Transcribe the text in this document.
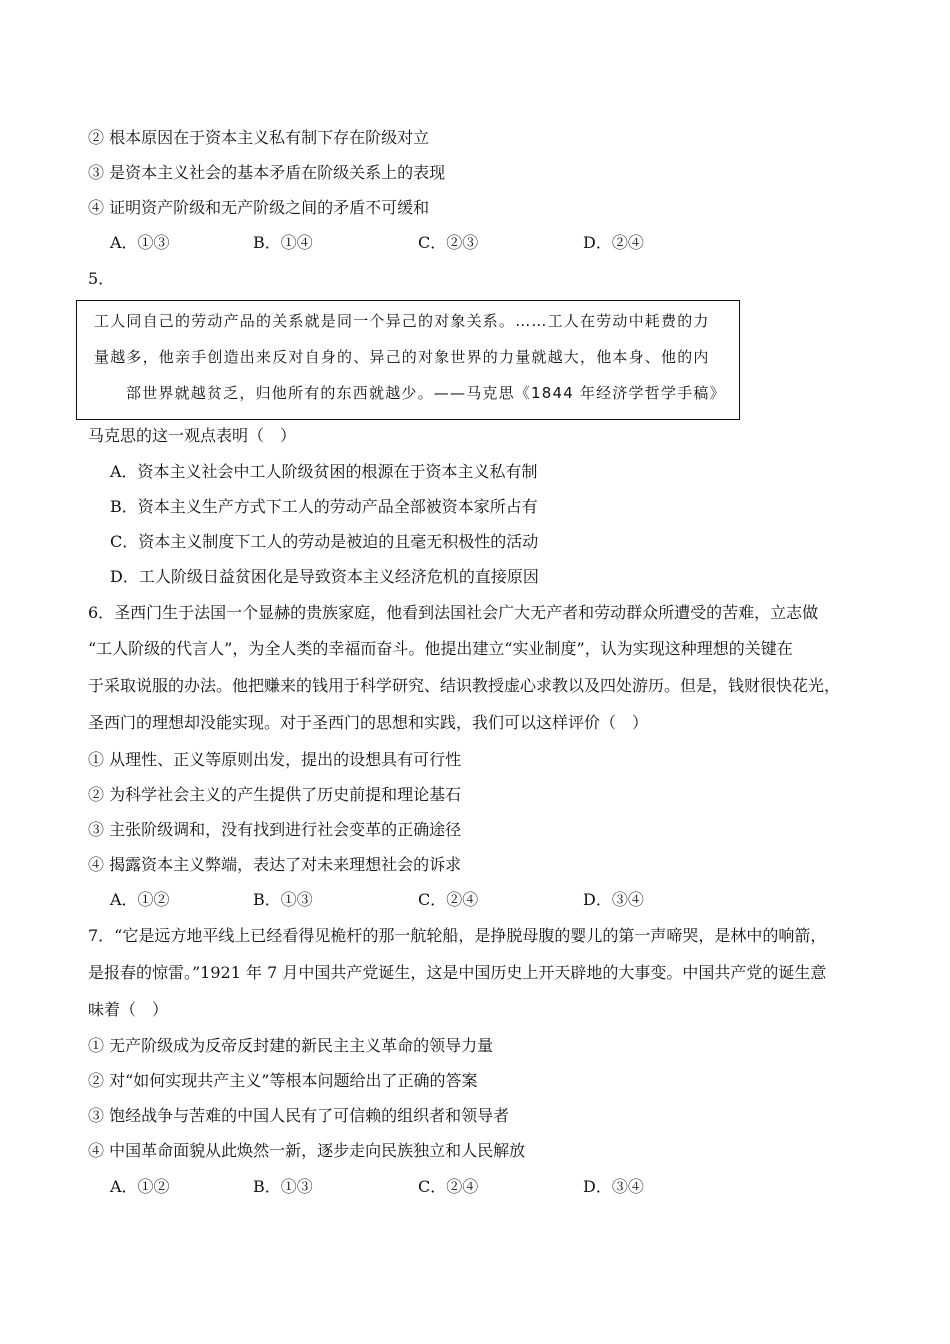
② 根本原因在于资本主义私有制下存在阶级对立
③ 是资本主义社会的基本矛盾在阶级关系上的表现
④ 证明资产阶级和无产阶级之间的矛盾不可缓和
A．①③	B．①④	C．②③	D．②④
5．
工人同自己的劳动产品的关系就是同一个异己的对象关系。……工人在劳动中耗费的力
量越多，他亲手创造出来反对自身的、异己的对象世界的力量就越大，他本身、他的内
部世界就越贫乏，归他所有的东西就越少。——马克思《1844 年经济学哲学手稿》
马克思的这一观点表明（　）
A．资本主义社会中工人阶级贫困的根源在于资本主义私有制
B．资本主义生产方式下工人的劳动产品全部被资本家所占有
C．资本主义制度下工人的劳动是被迫的且毫无积极性的活动
D．工人阶级日益贫困化是导致资本主义经济危机的直接原因
6．圣西门生于法国一个显赫的贵族家庭，他看到法国社会广大无产者和劳动群众所遭受的苦难，立志做
“工人阶级的代言人”，为全人类的幸福而奋斗。他提出建立“实业制度”，认为实现这种理想的关键在
于采取说服的办法。他把赚来的钱用于科学研究、结识教授虚心求教以及四处游历。但是，钱财很快花光，
圣西门的理想却没能实现。对于圣西门的思想和实践，我们可以这样评价（　）
① 从理性、正义等原则出发，提出的设想具有可行性
② 为科学社会主义的产生提供了历史前提和理论基石
③ 主张阶级调和，没有找到进行社会变革的正确途径
④ 揭露资本主义弊端，表达了对未来理想社会的诉求
A．①②	B．①③	C．②④	D．③④
7．“它是远方地平线上已经看得见桅杆的那一航轮船，是挣脱母腹的婴儿的第一声啼哭，是林中的响箭，
是报春的惊雷。”1921 年 7 月中国共产党诞生，这是中国历史上开天辟地的大事变。中国共产党的诞生意
味着（　）
① 无产阶级成为反帝反封建的新民主主义革命的领导力量
② 对“如何实现共产主义”等根本问题给出了正确的答案
③ 饱经战争与苦难的中国人民有了可信赖的组织者和领导者
④ 中国革命面貌从此焕然一新，逐步走向民族独立和人民解放
A．①②	B．①③	C．②④	D．③④
